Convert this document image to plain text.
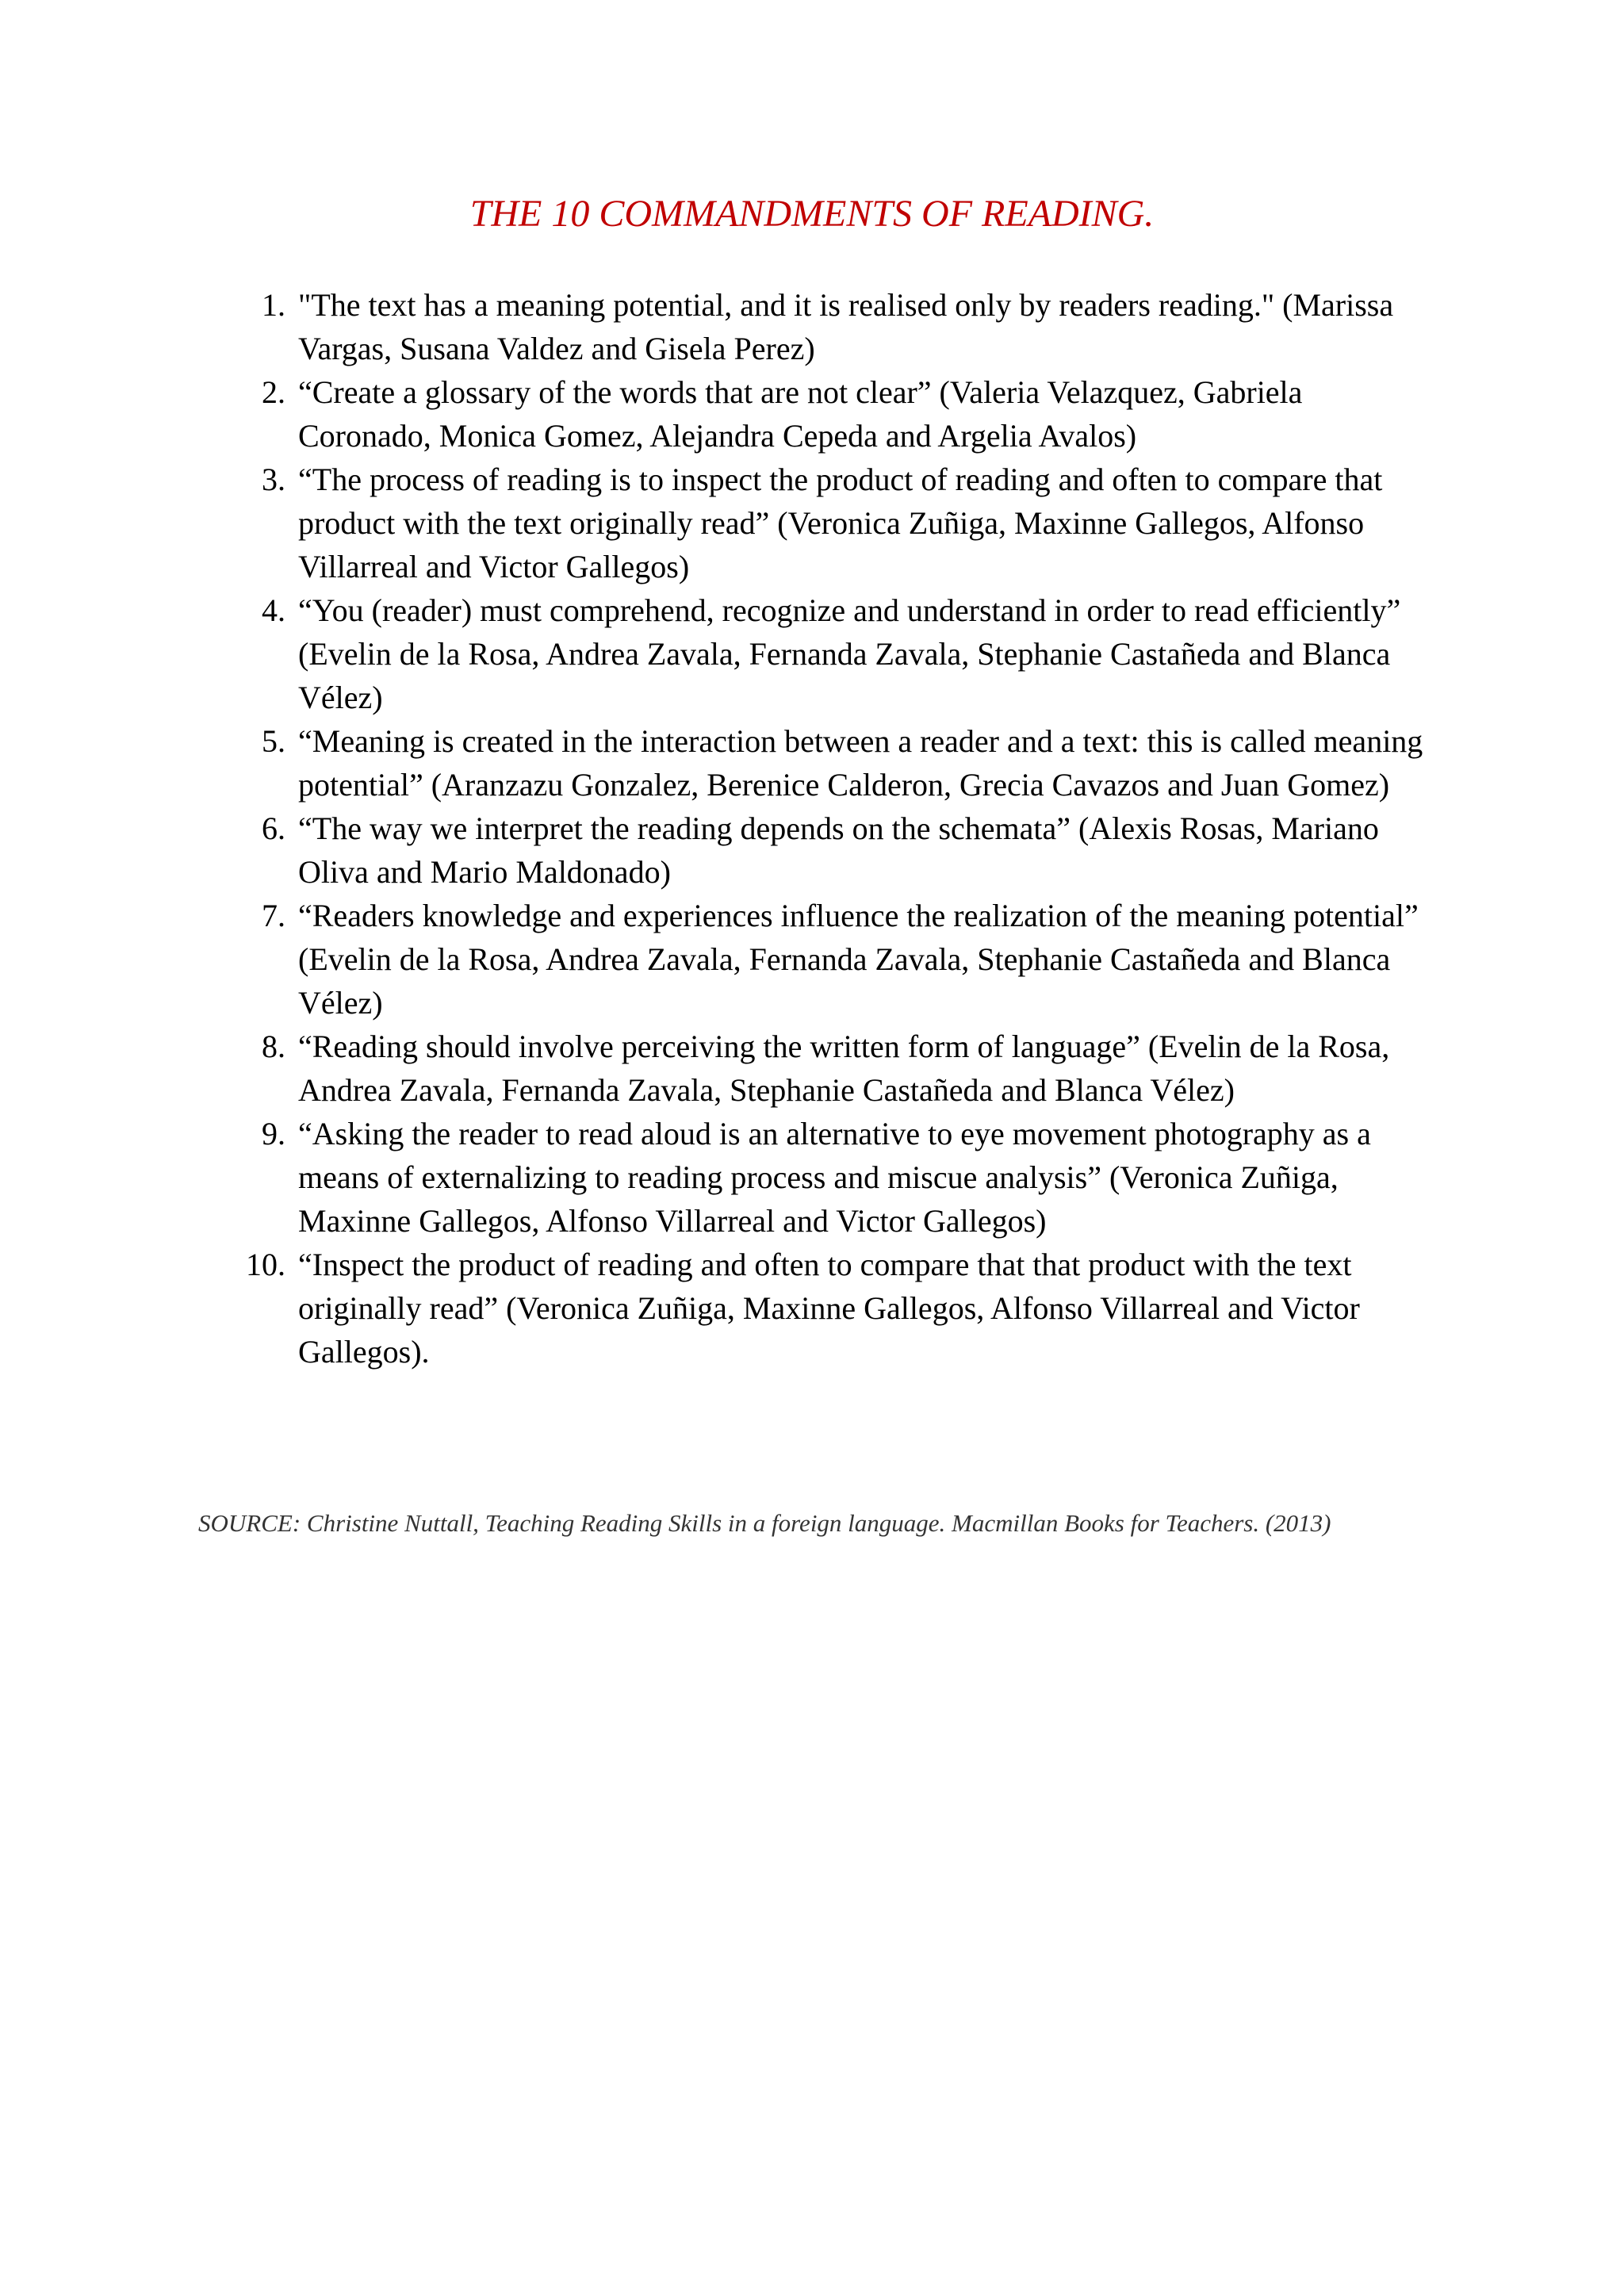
THE 10 COMMANDMENTS OF READING.
1. "The text has a meaning potential, and it is realised only by readers reading." (Marissa Vargas, Susana Valdez and Gisela Perez)
2. “Create a glossary of the words that are not clear” (Valeria Velazquez, Gabriela Coronado, Monica Gomez, Alejandra Cepeda and Argelia Avalos)
3. “The process of reading is to inspect the product of reading and often to compare that product with the text originally read” (Veronica Zuñiga, Maxinne Gallegos, Alfonso Villarreal and Victor Gallegos)
4. “You (reader) must comprehend, recognize and understand in order to read efficiently” (Evelin de la Rosa, Andrea Zavala, Fernanda Zavala, Stephanie Castañeda and Blanca Vélez)
5. “Meaning is created in the interaction between a reader and a text: this is called meaning potential” (Aranzazu Gonzalez, Berenice Calderon, Grecia Cavazos and Juan Gomez)
6. “The way we interpret the reading depends on the schemata” (Alexis Rosas, Mariano Oliva and Mario Maldonado)
7. “Readers knowledge and experiences influence the realization of the meaning potential” (Evelin de la Rosa, Andrea Zavala, Fernanda Zavala, Stephanie Castañeda and Blanca Vélez)
8. “Reading should involve perceiving the written form of language” (Evelin de la Rosa, Andrea Zavala, Fernanda Zavala, Stephanie Castañeda and Blanca Vélez)
9. “Asking the reader to read aloud is an alternative to eye movement photography as a means of externalizing to reading process and miscue analysis” (Veronica Zuñiga, Maxinne Gallegos, Alfonso Villarreal and Victor Gallegos)
10. “Inspect the product of reading and often to compare that that product with the text originally read” (Veronica Zuñiga, Maxinne Gallegos, Alfonso Villarreal and Victor Gallegos).
SOURCE: Christine Nuttall, Teaching Reading Skills in a foreign language. Macmillan Books for Teachers. (2013)
